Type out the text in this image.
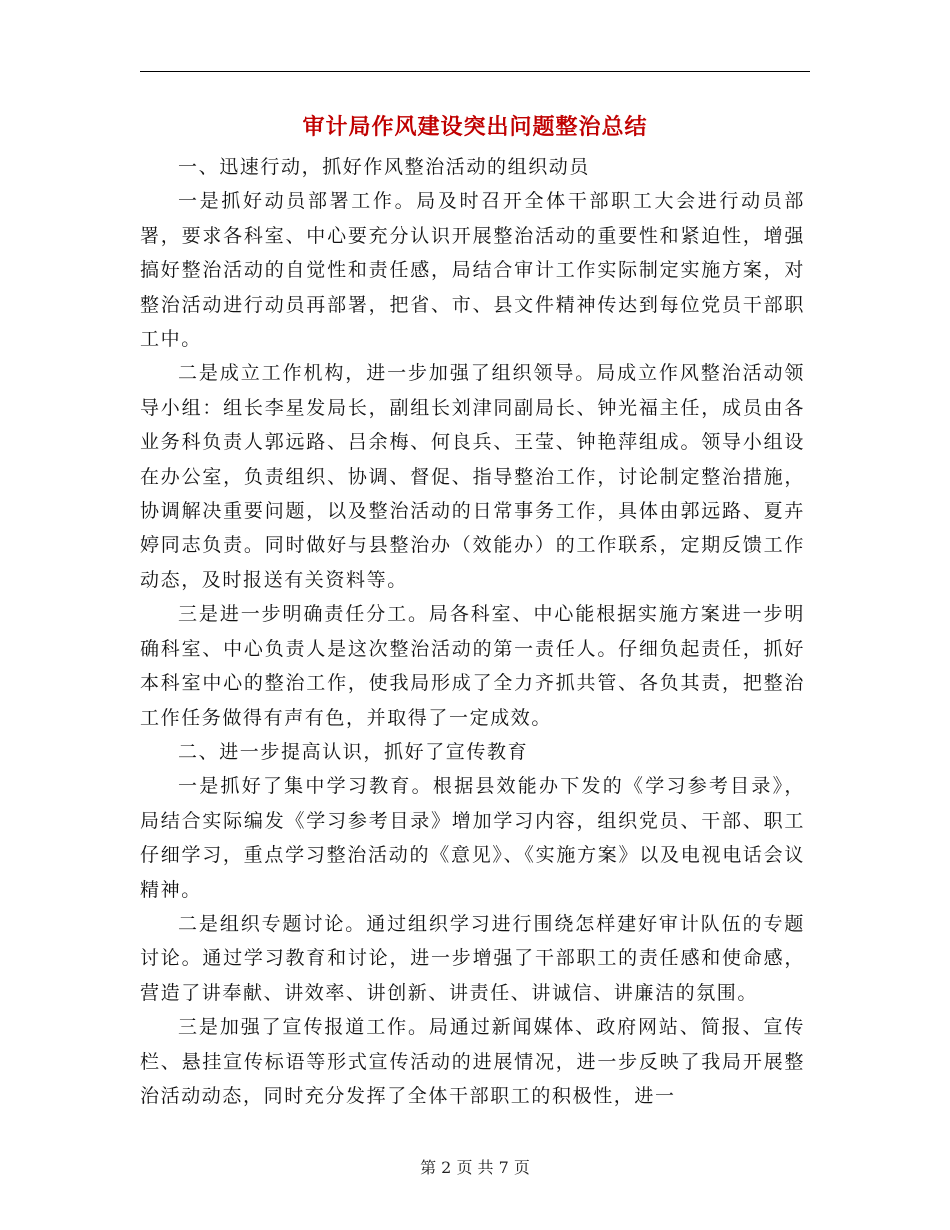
审计局作风建设突出问题整治总结

一、迅速行动，抓好作风整治活动的组织动员

一是抓好动员部署工作。局及时召开全体干部职工大会进行动员部署，要求各科室、中心要充分认识开展整治活动的重要性和紧迫性，增强搞好整治活动的自觉性和责任感，局结合审计工作实际制定实施方案，对整治活动进行动员再部署，把省、市、县文件精神传达到每位党员干部职工中。

二是成立工作机构，进一步加强了组织领导。局成立作风整治活动领导小组：组长李星发局长，副组长刘津同副局长、钟光福主任，成员由各业务科负责人郭远路、吕余梅、何良兵、王莹、钟艳萍组成。领导小组设在办公室，负责组织、协调、督促、指导整治工作，讨论制定整治措施，协调解决重要问题，以及整治活动的日常事务工作，具体由郭远路、夏卉婷同志负责。同时做好与县整治办（效能办）的工作联系，定期反馈工作动态，及时报送有关资料等。

三是进一步明确责任分工。局各科室、中心能根据实施方案进一步明确科室、中心负责人是这次整治活动的第一责任人。仔细负起责任，抓好本科室中心的整治工作，使我局形成了全力齐抓共管、各负其责，把整治工作任务做得有声有色，并取得了一定成效。

二、进一步提高认识，抓好了宣传教育

一是抓好了集中学习教育。根据县效能办下发的《学习参考目录》，局结合实际编发《学习参考目录》增加学习内容，组织党员、干部、职工仔细学习，重点学习整治活动的《意见》、《实施方案》以及电视电话会议精神。

二是组织专题讨论。通过组织学习进行围绕怎样建好审计队伍的专题讨论。通过学习教育和讨论，进一步增强了干部职工的责任感和使命感，营造了讲奉献、讲效率、讲创新、讲责任、讲诚信、讲廉洁的氛围。

三是加强了宣传报道工作。局通过新闻媒体、政府网站、简报、宣传栏、悬挂宣传标语等形式宣传活动的进展情况，进一步反映了我局开展整治活动动态，同时充分发挥了全体干部职工的积极性，进一

第 2 页 共 7 页
